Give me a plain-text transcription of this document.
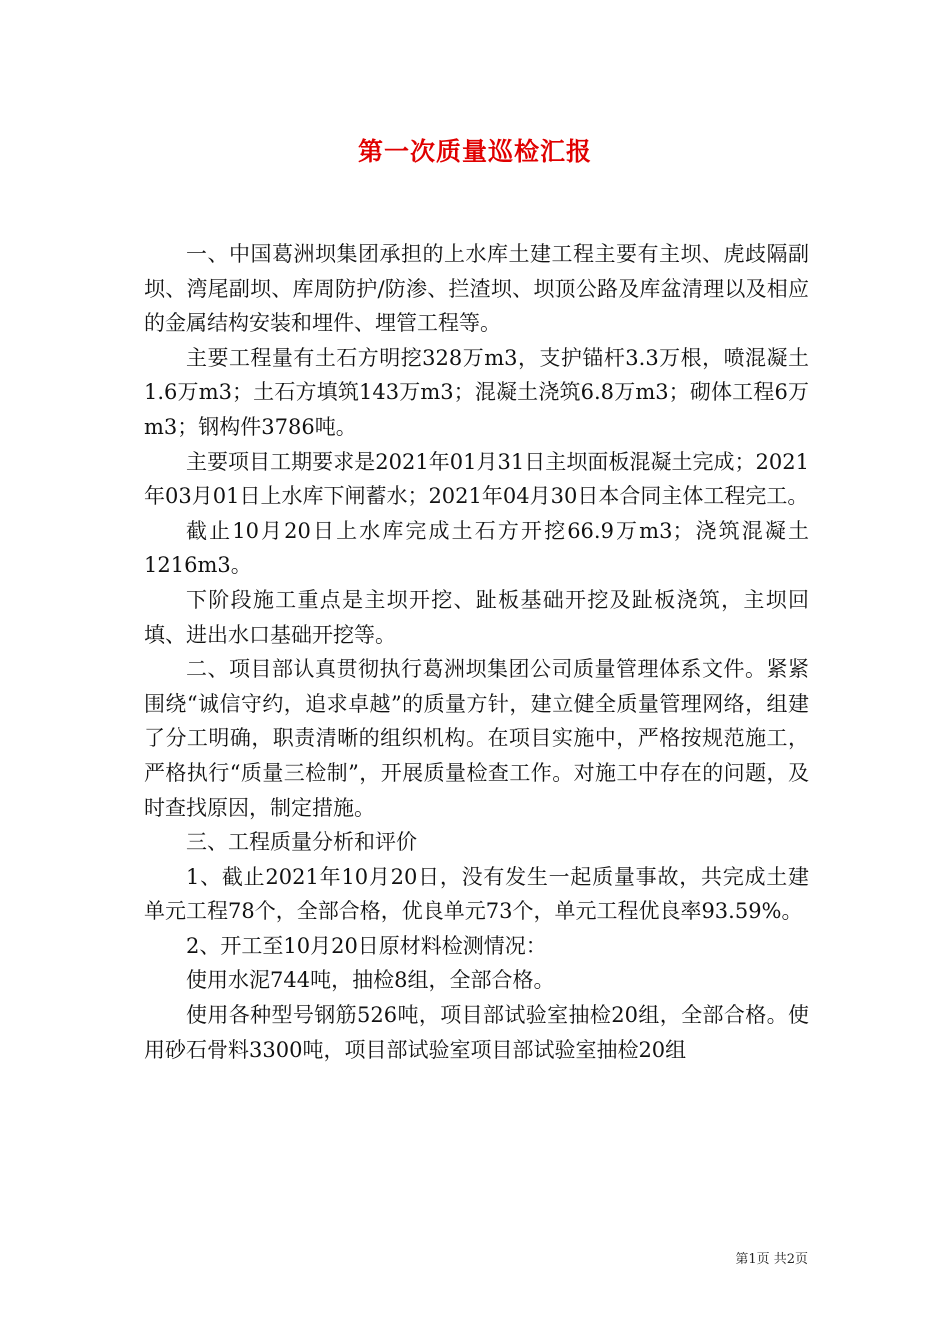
第一次质量巡检汇报

一、中国葛洲坝集团承担的上水库土建工程主要有主坝、虎歧隔副坝、湾尾副坝、库周防护/防渗、拦渣坝、坝顶公路及库盆清理以及相应的金属结构安装和埋件、埋管工程等。

主要工程量有土石方明挖328万m3，支护锚杆3.3万根，喷混凝土1.6万m3；土石方填筑143万m3；混凝土浇筑6.8万m3；砌体工程6万m3；钢构件3786吨。

主要项目工期要求是2021年01月31日主坝面板混凝土完成；2021年03月01日上水库下闸蓄水；2021年04月30日本合同主体工程完工。

截止10月20日上水库完成土石方开挖66.9万m3；浇筑混凝土1216m3。

下阶段施工重点是主坝开挖、趾板基础开挖及趾板浇筑，主坝回填、进出水口基础开挖等。

二、项目部认真贯彻执行葛洲坝集团公司质量管理体系文件。紧紧围绕“诚信守约，追求卓越”的质量方针，建立健全质量管理网络，组建了分工明确，职责清晰的组织机构。在项目实施中，严格按规范施工，严格执行“质量三检制”，开展质量检查工作。对施工中存在的问题，及时查找原因，制定措施。

三、工程质量分析和评价

1、截止2021年10月20日，没有发生一起质量事故，共完成土建单元工程78个，全部合格，优良单元73个，单元工程优良率93.59%。

2、开工至10月20日原材料检测情况：

使用水泥744吨，抽检8组，全部合格。

使用各种型号钢筋526吨，项目部试验室抽检20组，全部合格。使用砂石骨料3300吨，项目部试验室项目部试验室抽检20组

第1页 共2页
